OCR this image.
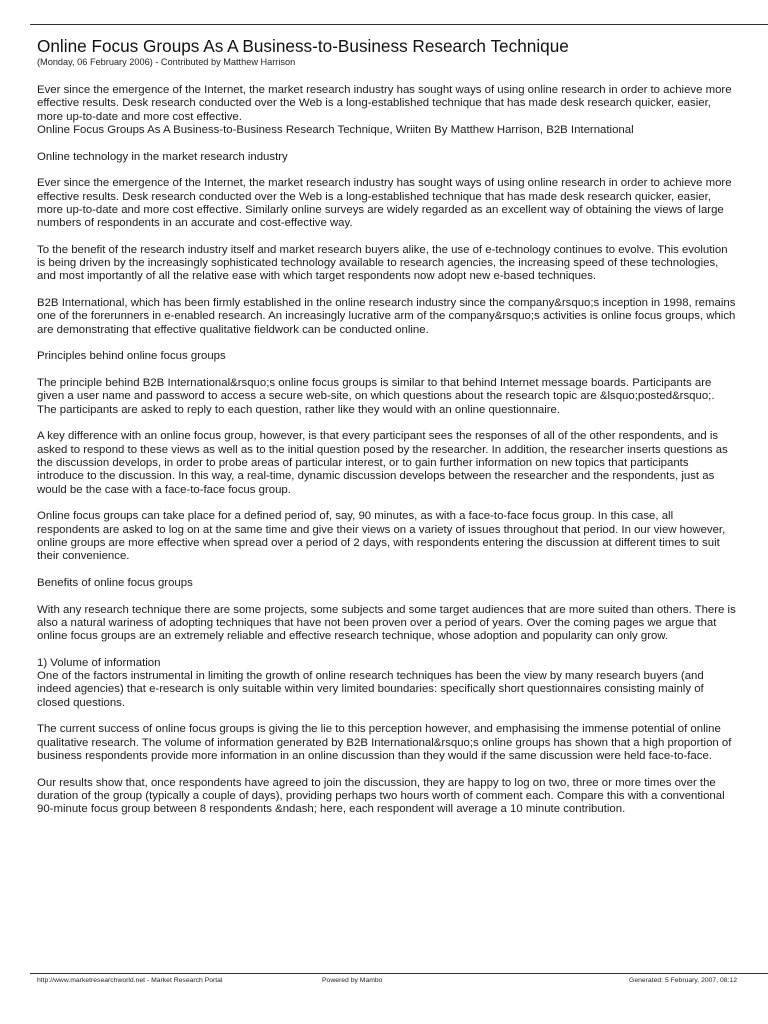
Online Focus Groups As A Business-to-Business Research Technique
(Monday, 06 February 2006) - Contributed by Matthew Harrison

Ever since the emergence of the Internet, the market research industry has sought ways of using online research in order to achieve more effective results. Desk research conducted over the Web is a long-established technique that has made desk research quicker, easier, more up-to-date and more cost effective.

Online Focus Groups As A Business-to-Business Research Technique, Wriiten By Matthew Harrison, B2B International

Online technology in the market research industry

Ever since the emergence of the Internet, the market research industry has sought ways of using online research in order to achieve more effective results. Desk research conducted over the Web is a long-established technique that has made desk research quicker, easier, more up-to-date and more cost effective. Similarly online surveys are widely regarded as an excellent way of obtaining the views of large numbers of respondents in an accurate and cost-effective way.

To the benefit of the research industry itself and market research buyers alike, the use of e-technology continues to evolve. This evolution is being driven by the increasingly sophisticated technology available to research agencies, the increasing speed of these technologies, and most importantly of all the relative ease with which target respondents now adopt new e-based techniques.

B2B International, which has been firmly established in the online research industry since the company&rsquo;s inception in 1998, remains one of the forerunners in e-enabled research. An increasingly lucrative arm of the company&rsquo;s activities is online focus groups, which are demonstrating that effective qualitative fieldwork can be conducted online.

Principles behind online focus groups

The principle behind B2B International&rsquo;s online focus groups is similar to that behind Internet message boards. Participants are given a user name and password to access a secure web-site, on which questions about the research topic are &lsquo;posted&rsquo;. The participants are asked to reply to each question, rather like they would with an online questionnaire.

A key difference with an online focus group, however, is that every participant sees the responses of all of the other respondents, and is asked to respond to these views as well as to the initial question posed by the researcher. In addition, the researcher inserts questions as the discussion develops, in order to probe areas of particular interest, or to gain further information on new topics that participants introduce to the discussion. In this way, a real-time, dynamic discussion develops between the researcher and the respondents, just as would be the case with a face-to-face focus group.

Online focus groups can take place for a defined period of, say, 90 minutes, as with a face-to-face focus group. In this case, all respondents are asked to log on at the same time and give their views on a variety of issues throughout that period. In our view however, online groups are more effective when spread over a period of 2 days, with respondents entering the discussion at different times to suit their convenience.

Benefits of online focus groups

With any research technique there are some projects, some subjects and some target audiences that are more suited than others. There is also a natural wariness of adopting techniques that have not been proven over a period of years. Over the coming pages we argue that online focus groups are an extremely reliable and effective research technique, whose adoption and popularity can only grow.

1) Volume of information

One of the factors instrumental in limiting the growth of online research techniques has been the view by many research buyers (and indeed agencies) that e-research is only suitable within very limited boundaries: specifically short questionnaires consisting mainly of closed questions.

The current success of online focus groups is giving the lie to this perception however, and emphasising the immense potential of online qualitative research. The volume of information generated by B2B International&rsquo;s online groups has shown that a high proportion of business respondents provide more information in an online discussion than they would if the same discussion were held face-to-face.

Our results show that, once respondents have agreed to join the discussion, they are happy to log on two, three or more times over the duration of the group (typically a couple of days), providing perhaps two hours worth of comment each. Compare this with a conventional 90-minute focus group between 8 respondents &ndash; here, each respondent will average a 10 minute contribution.

http://www.marketresearchworld.net - Market Research Portal	Powered by Mambo	Generated: 5 February, 2007, 08:12
